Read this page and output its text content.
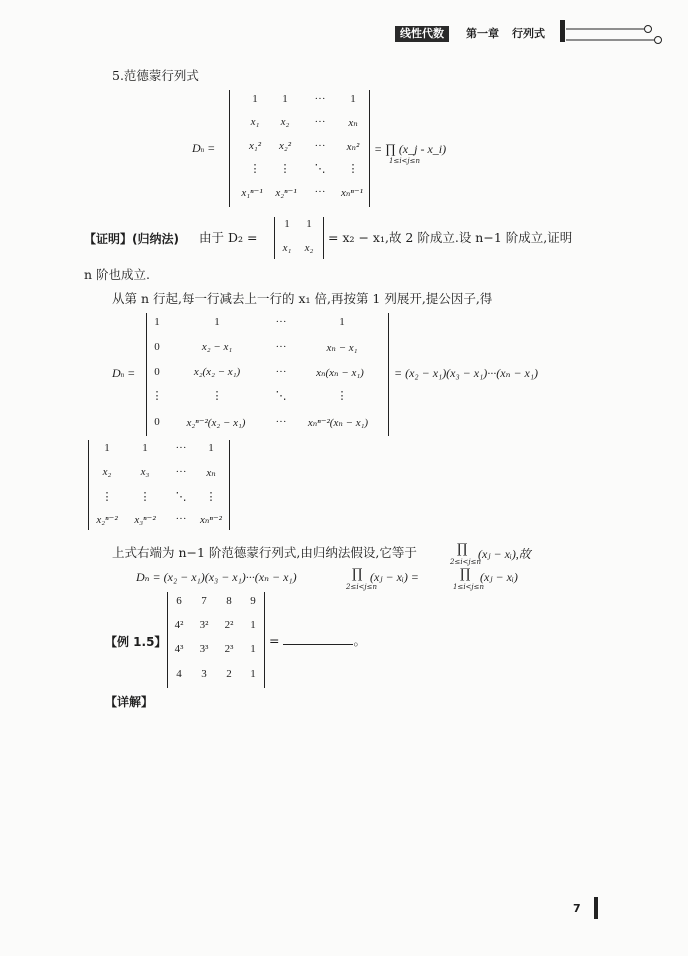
线性代数	第一章 行列式
5.范德蒙行列式
Dn =
1	1	···	1
x₁	x₂	···	xₙ
x₁²	x₂²	···	xₙ²
⋮	⋮	⋱	⋮
x₁ⁿ⁻¹	x₂ⁿ⁻¹	···	xₙⁿ⁻¹
= ∏ (x_j - x_i)
1≤i<j≤n
【证明】(归纳法) 由于 D₂ =
1	1
x₁	x₂
= x₂ − x₁,故 2 阶成立.设 n−1 阶成立,证明
n 阶也成立.
从第 n 行起,每一行减去上一行的 x₁ 倍,再按第 1 列展开,提公因子,得
Dn =
1	1	···	1
0	x₂ − x₁	···	xₙ − x₁
0	x₂(x₂ − x₁)	···	xₙ(xₙ − x₁)
⋮	⋮	⋱	⋮
0	x₂ⁿ⁻²(x₂ − x₁)	···	xₙⁿ⁻²(xₙ − x₁)
= (x₂ − x₁)(x₃ − x₁)···(xₙ − x₁)
1	1	···	1
x₂	x₃	···	xₙ
⋮	⋮	⋱	⋮
x₂ⁿ⁻²	x₃ⁿ⁻²	···	xₙⁿ⁻²
上式右端为 n−1 阶范德蒙行列式,由归纳法假设,它等于	∏ (xⱼ − xᵢ),故
2≤i<j≤n
Dₙ = (x₂ − x₁)(x₃ − x₁)···(xₙ − x₁)	∏ (xⱼ − xᵢ) =
2≤i<j≤n
∏ (xⱼ − xᵢ)
1≤i<j≤n
【例 1.5】
6	7	8	9
4²	3²	2²	1
4³	3³	2³	1
4	3	2	1
=	。
【详解】
7
